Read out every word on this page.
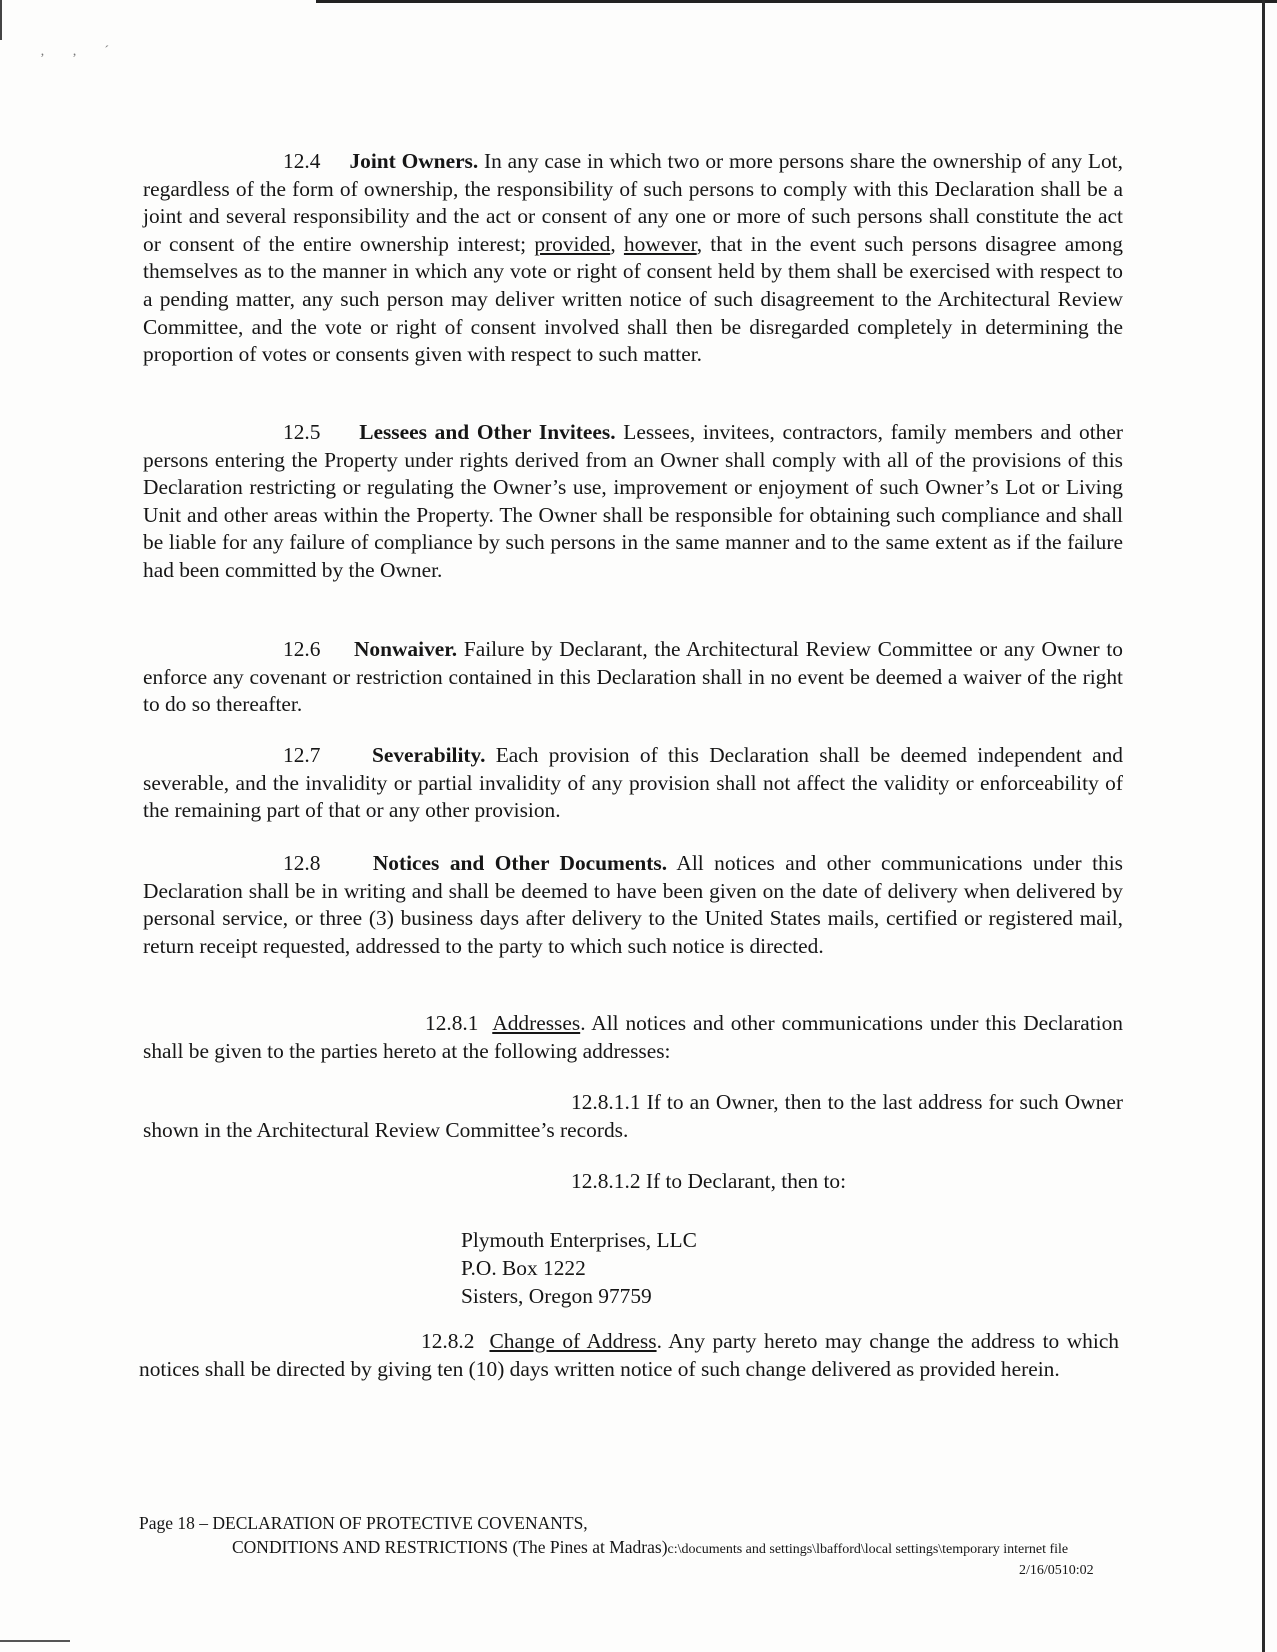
‚ ‚ ˊ

12.4 Joint Owners. In any case in which two or more persons share the ownership of any Lot, regardless of the form of ownership, the responsibility of such persons to comply with this Declaration shall be a joint and several responsibility and the act or consent of any one or more of such persons shall constitute the act or consent of the entire ownership interest; provided, however, that in the event such persons disagree among themselves as to the manner in which any vote or right of consent held by them shall be exercised with respect to a pending matter, any such person may deliver written notice of such disagreement to the Architectural Review Committee, and the vote or right of consent involved shall then be disregarded completely in determining the proportion of votes or consents given with respect to such matter.

12.5 Lessees and Other Invitees. Lessees, invitees, contractors, family members and other persons entering the Property under rights derived from an Owner shall comply with all of the provisions of this Declaration restricting or regulating the Owner’s use, improvement or enjoyment of such Owner’s Lot or Living Unit and other areas within the Property. The Owner shall be responsible for obtaining such compliance and shall be liable for any failure of compliance by such persons in the same manner and to the same extent as if the failure had been committed by the Owner.

12.6 Nonwaiver. Failure by Declarant, the Architectural Review Committee or any Owner to enforce any covenant or restriction contained in this Declaration shall in no event be deemed a waiver of the right to do so thereafter.

12.7 Severability. Each provision of this Declaration shall be deemed independent and severable, and the invalidity or partial invalidity of any provision shall not affect the validity or enforceability of the remaining part of that or any other provision.

12.8 Notices and Other Documents. All notices and other communications under this Declaration shall be in writing and shall be deemed to have been given on the date of delivery when delivered by personal service, or three (3) business days after delivery to the United States mails, certified or registered mail, return receipt requested, addressed to the party to which such notice is directed.

12.8.1 Addresses. All notices and other communications under this Declaration shall be given to the parties hereto at the following addresses:

12.8.1.1 If to an Owner, then to the last address for such Owner shown in the Architectural Review Committee’s records.

12.8.1.2 If to Declarant, then to:

Plymouth Enterprises, LLC
P.O. Box 1222
Sisters, Oregon 97759

12.8.2 Change of Address. Any party hereto may change the address to which notices shall be directed by giving ten (10) days written notice of such change delivered as provided herein.

Page 18 – DECLARATION OF PROTECTIVE COVENANTS,
CONDITIONS AND RESTRICTIONS (The Pines at Madras)c:\documents and settings\lbafford\local settings\temporary internet file
2/16/0510:02
